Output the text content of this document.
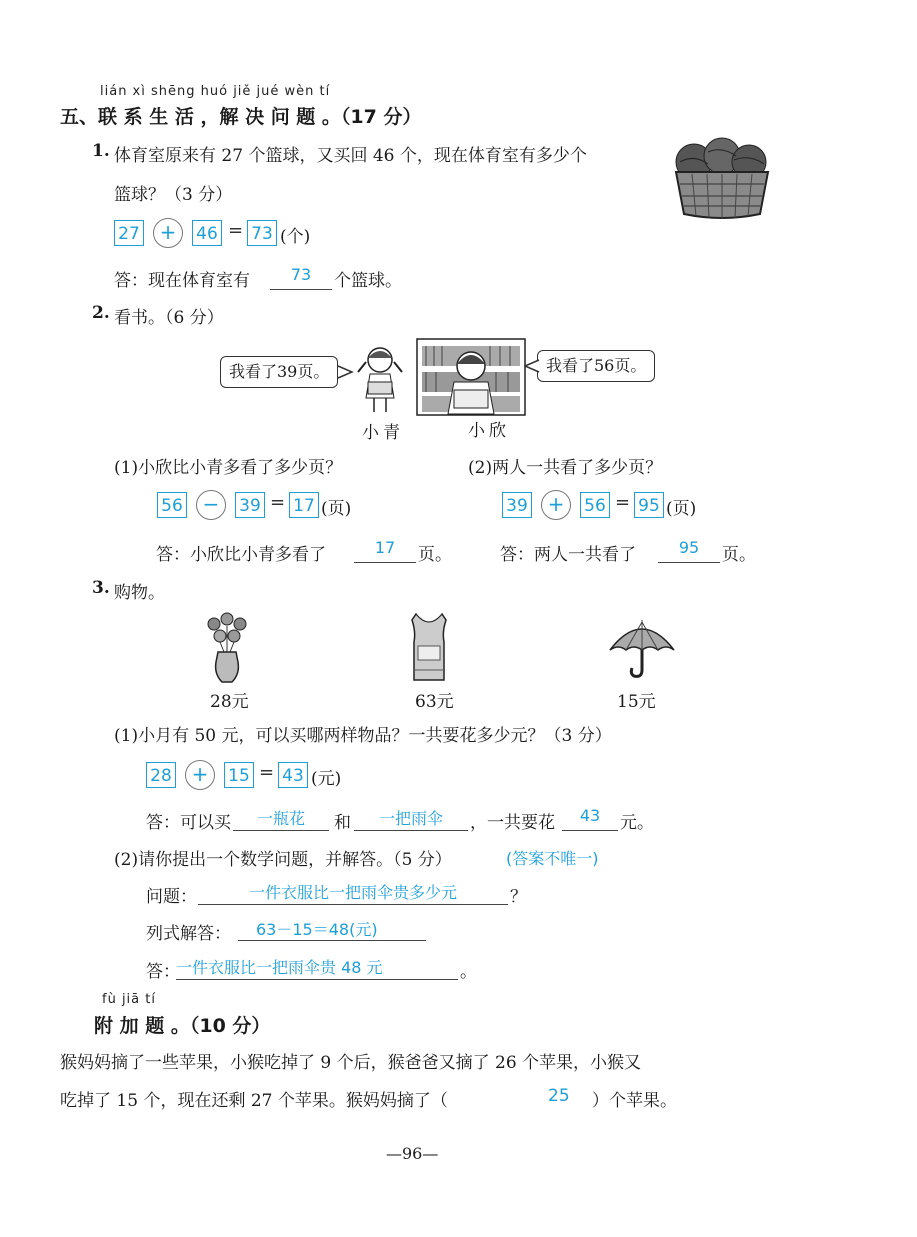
lián xì shēng huó jiě jué wèn tí
五、联 系 生 活 ，解 决 问 题 。（17 分）
1. 体育室原来有 27 个篮球，又买回 46 个，现在体育室有多少个
篮球？（3 分）
27 +	46 = 73 (个)
答：现在体育室有	73	个篮球。
2. 看书。（6 分）
我看了39页。	我看了56页。
小青	小欣
(1)小欣比小青多看了多少页？
56 −	39 = 17 (页)
答：小欣比小青多看了	17	页。
(2)两人一共看了多少页？
39 +	56 = 95 (页)
答：两人一共看了	95	页。
3. 购物。
28元	63元	15元
(1)小月有 50 元，可以买哪两样物品？一共要花多少元？（3 分）
28 +	15 = 43 (元)
答：可以买	一瓶花	和	一把雨伞	，一共要花	43	元。
(2)请你提出一个数学问题，并解答。（5 分）	(答案不唯一)
问题：	一件衣服比一把雨伞贵多少元	？
列式解答：	63－15＝48(元)
答：
一件衣服比一把雨伞贵 48 元	。
fù jiā tí
附 加 题 。（10 分）
猴妈妈摘了一些苹果，小猴吃掉了 9 个后，猴爸爸又摘了 26 个苹果，小猴又
吃掉了 15 个，现在还剩 27 个苹果。猴妈妈摘了（	25 ）个苹果。
—96—
